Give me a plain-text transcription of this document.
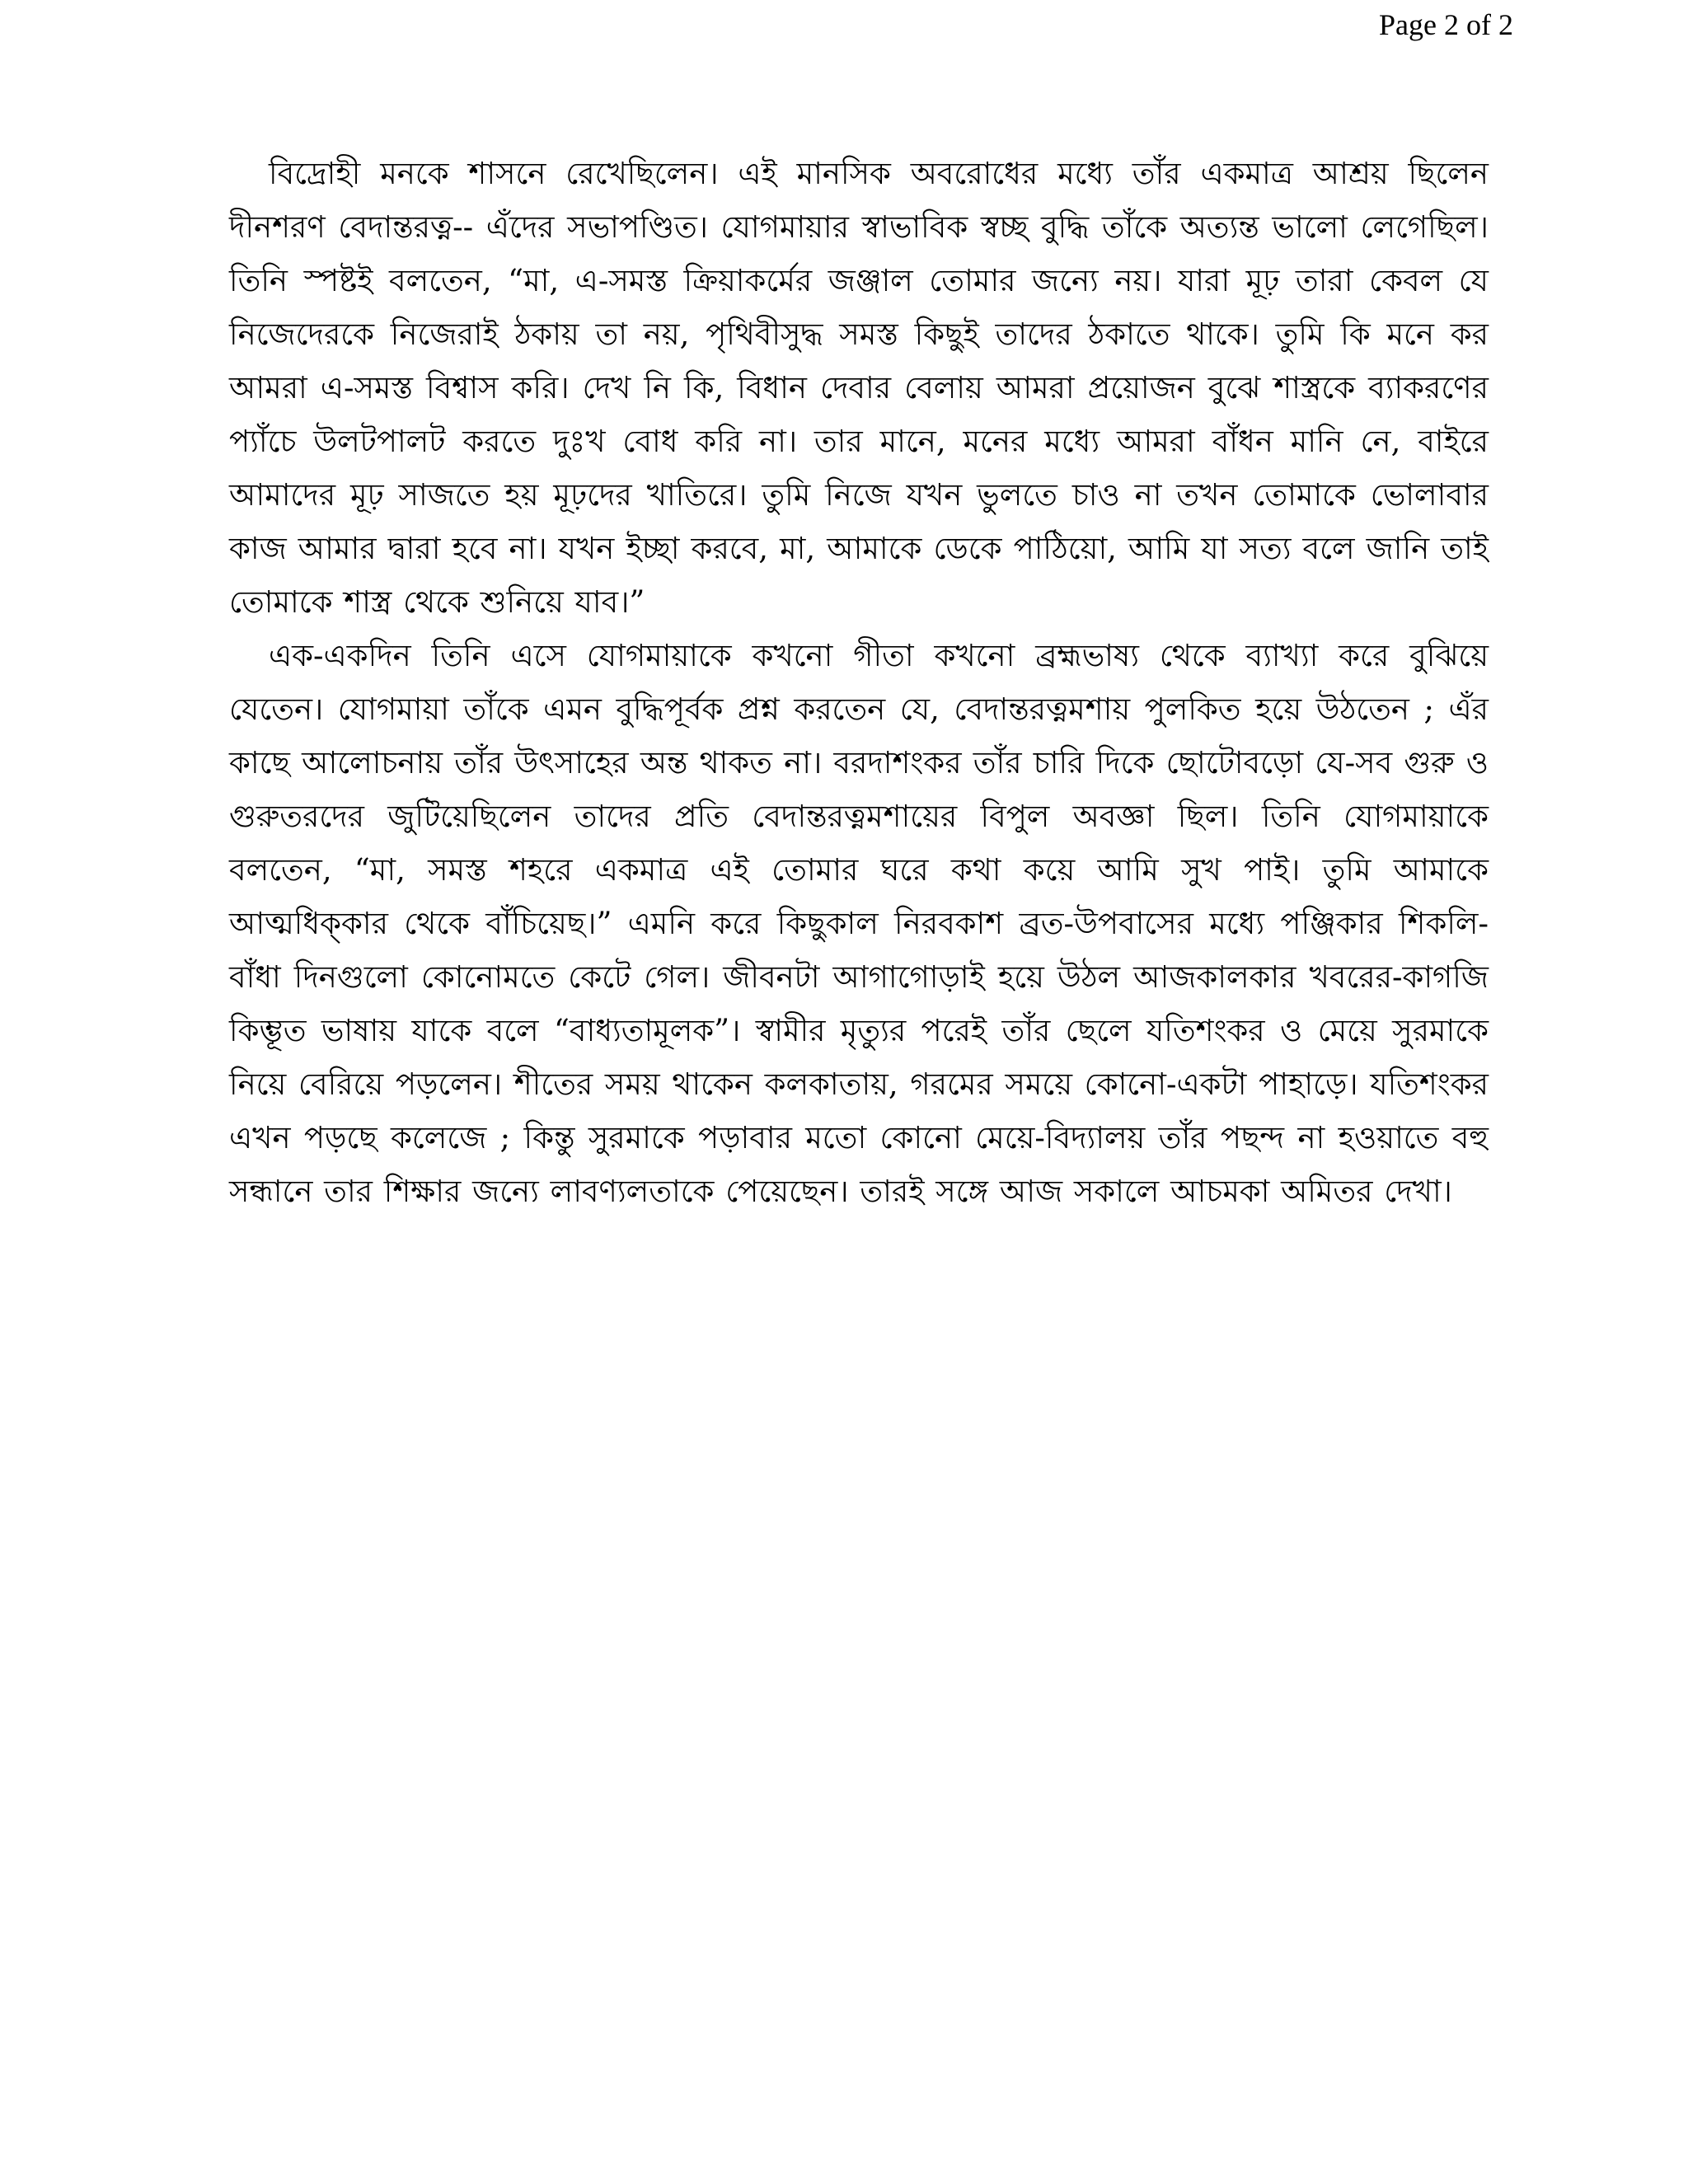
Page 2 of 2

বিদ্রোহী মনকে শাসনে রেখেছিলেন। এই মানসিক অবরোধের মধ্যে তাঁর একমাত্র আশ্রয় ছিলেন দীনশরণ বেদান্তরত্ন-- এঁদের সভাপণ্ডিত। যোগমায়ার স্বাভাবিক স্বচ্ছ বুদ্ধি তাঁকে অত্যন্ত ভালো লেগেছিল। তিনি স্পষ্টই বলতেন, “মা, এ-সমস্ত ক্রিয়াকর্মের জঞ্জাল তোমার জন্যে নয়। যারা মূঢ় তারা কেবল যে নিজেদেরকে নিজেরাই ঠকায় তা নয়, পৃথিবীসুদ্ধ সমস্ত কিছুই তাদের ঠকাতে থাকে। তুমি কি মনে কর আমরা এ-সমস্ত বিশ্বাস করি। দেখ নি কি, বিধান দেবার বেলায় আমরা প্রয়োজন বুঝে শাস্ত্রকে ব্যাকরণের প্যাঁচে উলটপালট করতে দুঃখ বোধ করি না। তার মানে, মনের মধ্যে আমরা বাঁধন মানি নে, বাইরে আমাদের মূঢ় সাজতে হয় মূঢ়দের খাতিরে। তুমি নিজে যখন ভুলতে চাও না তখন তোমাকে ভোলাবার কাজ আমার দ্বারা হবে না। যখন ইচ্ছা করবে, মা, আমাকে ডেকে পাঠিয়ো, আমি যা সত্য বলে জানি তাই তোমাকে শাস্ত্র থেকে শুনিয়ে যাব।”

এক-একদিন তিনি এসে যোগমায়াকে কখনো গীতা কখনো ব্রহ্মভাষ্য থেকে ব্যাখ্যা করে বুঝিয়ে যেতেন। যোগমায়া তাঁকে এমন বুদ্ধিপূর্বক প্রশ্ন করতেন যে, বেদান্তরত্নমশায় পুলকিত হয়ে উঠতেন ; এঁর কাছে আলোচনায় তাঁর উৎসাহের অন্ত থাকত না। বরদাশংকর তাঁর চারি দিকে ছোটোবড়ো যে-সব গুরু ও গুরুতরদের জুটিয়েছিলেন তাদের প্রতি বেদান্তরত্নমশায়ের বিপুল অবজ্ঞা ছিল। তিনি যোগমায়াকে বলতেন, “মা, সমস্ত শহরে একমাত্র এই তোমার ঘরে কথা কয়ে আমি সুখ পাই। তুমি আমাকে আত্মধিক্‌কার থেকে বাঁচিয়েছ।” এমনি করে কিছুকাল নিরবকাশ ব্রত-উপবাসের মধ্যে পঞ্জিকার শিকলি-বাঁধা দিনগুলো কোনোমতে কেটে গেল। জীবনটা আগাগোড়াই হয়ে উঠল আজকালকার খবরের-কাগজি কিম্ভূত ভাষায় যাকে বলে “বাধ্যতামূলক”। স্বামীর মৃত্যুর পরেই তাঁর ছেলে যতিশংকর ও মেয়ে সুরমাকে নিয়ে বেরিয়ে পড়লেন। শীতের সময় থাকেন কলকাতায়, গরমের সময়ে কোনো-একটা পাহাড়ে। যতিশংকর এখন পড়ছে কলেজে ; কিন্তু সুরমাকে পড়াবার মতো কোনো মেয়ে-বিদ্যালয় তাঁর পছন্দ না হওয়াতে বহু সন্ধানে তার শিক্ষার জন্যে লাবণ্যলতাকে পেয়েছেন। তারই সঙ্গে আজ সকালে আচমকা অমিতর দেখা।
